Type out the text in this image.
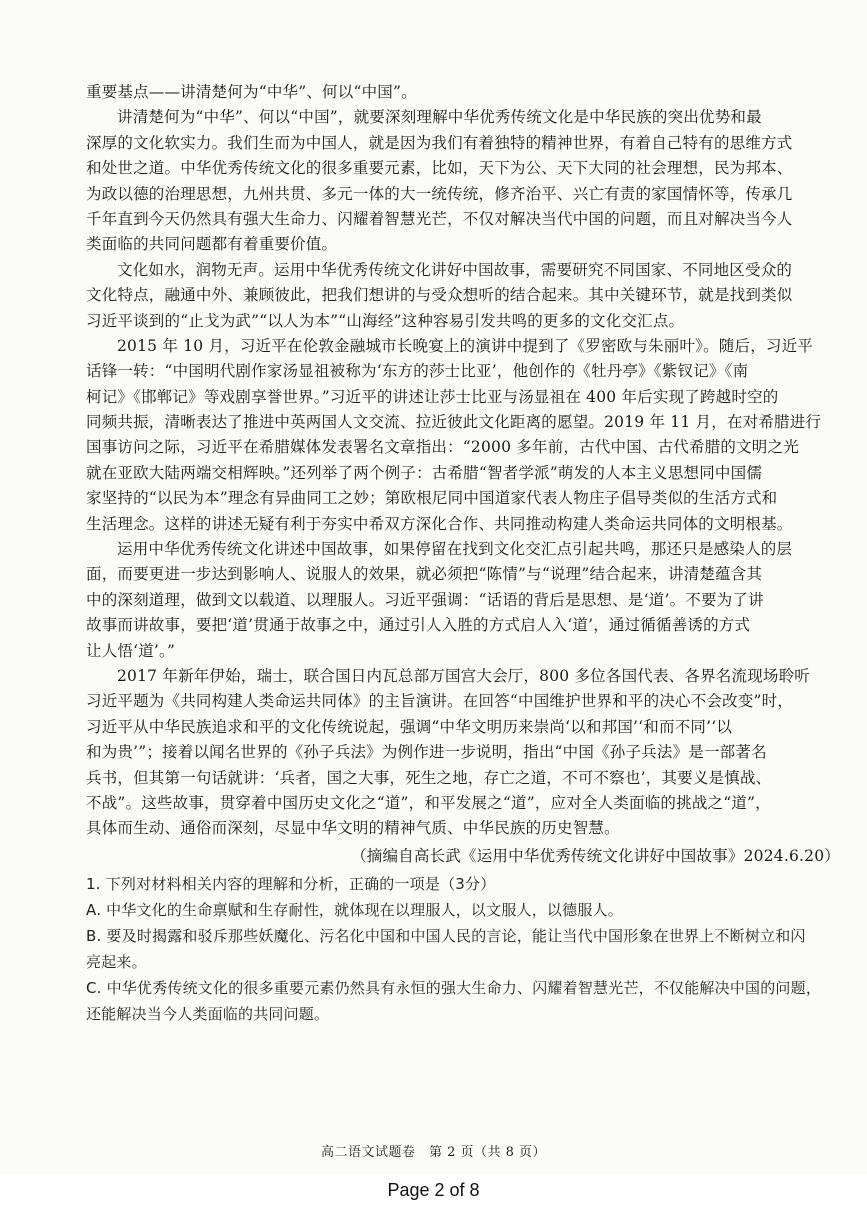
重要基点——讲清楚何为“中华”、何以“中国”。
讲清楚何为“中华”、何以“中国”，就要深刻理解中华优秀传统文化是中华民族的突出优势和最
深厚的文化软实力。我们生而为中国人，就是因为我们有着独特的精神世界，有着自己特有的思维方式
和处世之道。中华优秀传统文化的很多重要元素，比如，天下为公、天下大同的社会理想，民为邦本、
为政以德的治理思想，九州共贯、多元一体的大一统传统，修齐治平、兴亡有责的家国情怀等，传承几
千年直到今天仍然具有强大生命力、闪耀着智慧光芒，不仅对解决当代中国的问题，而且对解决当今人
类面临的共同问题都有着重要价值。
文化如水，润物无声。运用中华优秀传统文化讲好中国故事，需要研究不同国家、不同地区受众的
文化特点，融通中外、兼顾彼此，把我们想讲的与受众想听的结合起来。其中关键环节，就是找到类似
习近平谈到的“止戈为武”“以人为本”“山海经”这种容易引发共鸣的更多的文化交汇点。
2015 年 10 月，习近平在伦敦金融城市长晚宴上的演讲中提到了《罗密欧与朱丽叶》。随后，习近平
话锋一转：“中国明代剧作家汤显祖被称为‘东方的莎士比亚’，他创作的《牡丹亭》《紫钗记》《南
柯记》《邯郸记》等戏剧享誉世界。”习近平的讲述让莎士比亚与汤显祖在 400 年后实现了跨越时空的
同频共振，清晰表达了推进中英两国人文交流、拉近彼此文化距离的愿望。2019 年 11 月，在对希腊进行
国事访问之际，习近平在希腊媒体发表署名文章指出：“2000 多年前，古代中国、古代希腊的文明之光
就在亚欧大陆两端交相辉映。”还列举了两个例子：古希腊“智者学派”萌发的人本主义思想同中国儒
家坚持的“以民为本”理念有异曲同工之妙；第欧根尼同中国道家代表人物庄子倡导类似的生活方式和
生活理念。这样的讲述无疑有利于夯实中希双方深化合作、共同推动构建人类命运共同体的文明根基。
运用中华优秀传统文化讲述中国故事，如果停留在找到文化交汇点引起共鸣，那还只是感染人的层
面，而要更进一步达到影响人、说服人的效果，就必须把“陈情”与“说理”结合起来，讲清楚蕴含其
中的深刻道理，做到文以载道、以理服人。习近平强调：“话语的背后是思想、是‘道’。不要为了讲
故事而讲故事，要把‘道’贯通于故事之中，通过引人入胜的方式启人入‘道’，通过循循善诱的方式
让人悟‘道’。”
2017 年新年伊始，瑞士，联合国日内瓦总部万国宫大会厅，800 多位各国代表、各界名流现场聆听
习近平题为《共同构建人类命运共同体》的主旨演讲。在回答“中国维护世界和平的决心不会改变”时，
习近平从中华民族追求和平的文化传统说起，强调“中华文明历来崇尚‘以和邦国’‘和而不同’‘以
和为贵’”；接着以闻名世界的《孙子兵法》为例作进一步说明，指出“中国《孙子兵法》是一部著名
兵书，但其第一句话就讲：‘兵者，国之大事，死生之地，存亡之道，不可不察也’，其要义是慎战、
不战”。这些故事，贯穿着中国历史文化之“道”，和平发展之“道”，应对全人类面临的挑战之“道”，
具体而生动、通俗而深刻，尽显中华文明的精神气质、中华民族的历史智慧。
（摘编自高长武《运用中华优秀传统文化讲好中国故事》2024.6.20）
1. 下列对材料相关内容的理解和分析，正确的一项是（3分）
A. 中华文化的生命禀赋和生存耐性，就体现在以理服人，以文服人，以德服人。
B. 要及时揭露和驳斥那些妖魔化、污名化中国和中国人民的言论，能让当代中国形象在世界上不断树立和闪
亮起来。
C. 中华优秀传统文化的很多重要元素仍然具有永恒的强大生命力、闪耀着智慧光芒，不仅能解决中国的问题，
还能解决当今人类面临的共同问题。
高二语文试题卷　第 2 页（共 8 页）
Page 2 of 8
